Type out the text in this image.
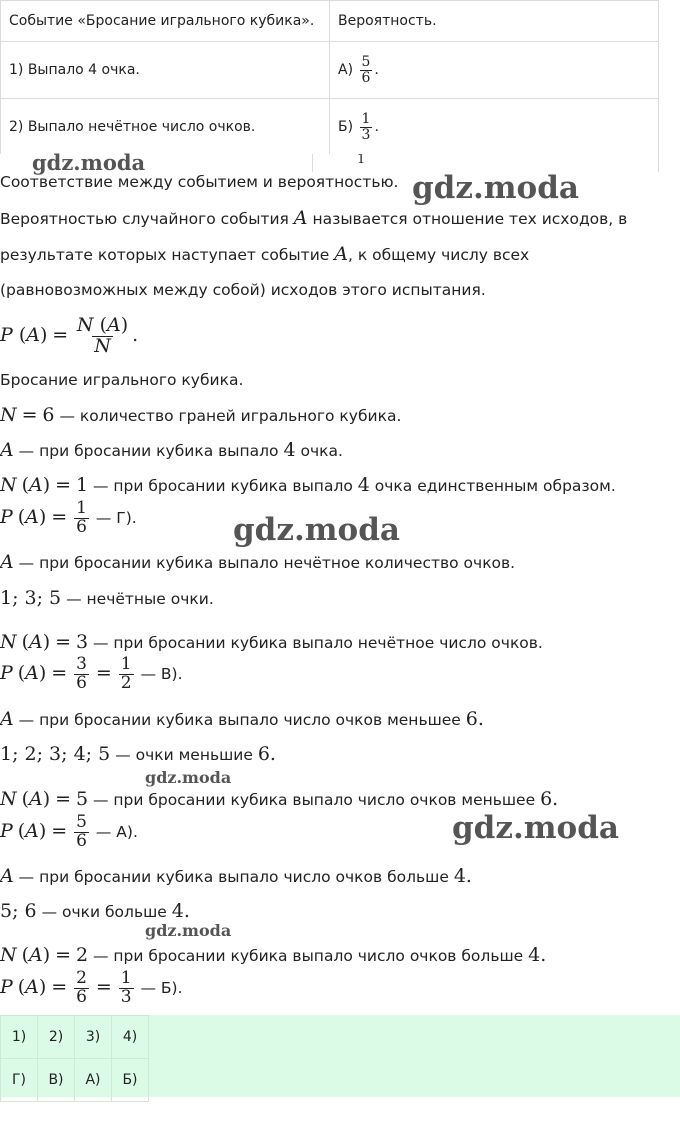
Событие «Бросание игрального кубика».	Вероятность.
1) Выпало 4 очка.	$А) \frac{5}{6}$ .
2) Выпало нечётное число очков.	$Б) \frac{1}{3}$ .
1
Соответствие между событием и вероятностью.
Вероятностью случайного события A называется отношение тех исходов, в
результате которых наступает событие A, к общему числу всех
(равновозможных между собой) исходов этого испытания.
P $(A) = \frac{N (A)}{N}$ .
Бросание игрального кубика.
N = 6 — количество граней игрального кубика.
A — при бросании кубика выпало 4 очка.
N (A) = 1 — при бросании кубика выпало 4 очка единственным образом.
P $(A) = \frac{1}{6}$ — Г).
A — при бросании кубика выпало нечётное количество очков.
1; 3; 5 — нечётные очки.
N (A) = 3 — при бросании кубика выпало нечётное число очков.
P $(A) = \frac{3}{6} = \frac{1}{2}$ — В).
A — при бросании кубика выпало число очков меньшее 6.
1; 2; 3; 4; 5 — очки меньшие 6.
N (A) = 5 — при бросании кубика выпало число очков меньшее 6.
P $(A) = \frac{5}{6}$ — А).
A — при бросании кубика выпало число очков больше 4.
5; 6 — очки больше 4.
N (A) = 2 — при бросании кубика выпало число очков больше 4.
P $(A) = \frac{2}{6} = \frac{1}{3}$ — Б).
1)	2)	3)	4)
Г)	В)	А)	Б)
gdz.moda
gdz.moda
gdz.moda
gdz.moda
gdz.moda
gdz.moda
